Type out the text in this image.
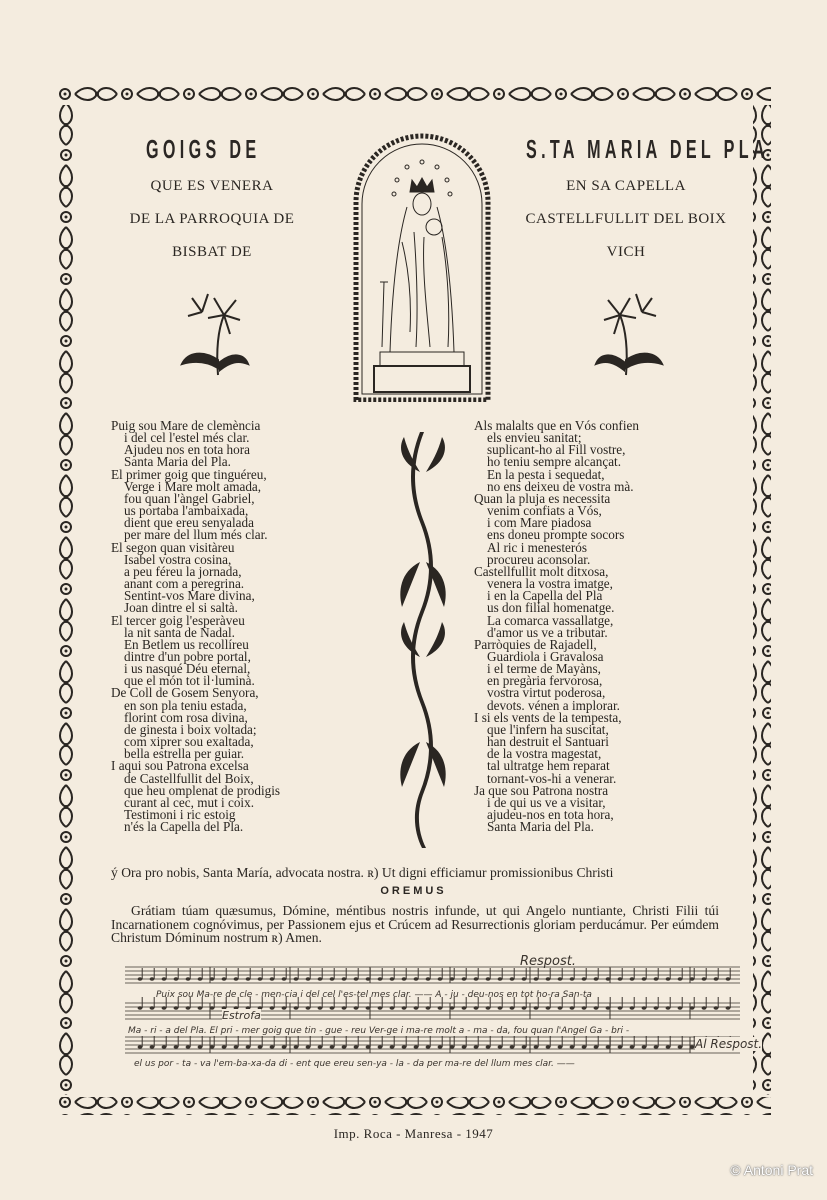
GOIGS DE	S.TA MARIA DEL PLA
QUE ES VENERA
DE LA PARROQUIA DE
BISBAT DE
EN SA CAPELLA
CASTELLFULLIT DEL BOIX
VICH
Puig sou Mare de clemència
i del cel l'estel més clar.
Ajudeu nos en tota hora
Santa Maria del Pla.
El primer goig que tinguéreu,
Verge i Mare molt amada,
fou quan l'àngel Gabriel,
us portaba l'ambaixada,
dient que ereu senyalada
per mare del llum més clar.
El segon quan visitàreu
Isabel vostra cosina,
a peu féreu la jornada,
anant com a peregrina.
Sentint-vos Mare divina,
Joan dintre el si saltà.
El tercer goig l'esperàveu
la nit santa de Nadal.
En Betlem us recollíreu
dintre d'un pobre portal,
i us nasqué Déu eternal,
que el món tot il·luminà.
De Coll de Gosem Senyora,
en son pla teniu estada,
florint com rosa divina,
de ginesta i boix voltada;
com xiprer sou exaltada,
bella estrella per guiar.
I aqui sou Patrona excelsa
de Castellfullit del Boix,
que heu omplenat de prodigis
curant al cec, mut i coix.
Testimoni i ric estoig
n'és la Capella del Pla.
Als malalts que en Vós confien
els envieu sanitat;
suplicant-ho al Fill vostre,
ho teniu sempre alcançat.
En la pesta i sequedat,
no ens deixeu de vostra mà.
Quan la pluja es necessita
venim confiats a Vós,
i com Mare piadosa
ens doneu prompte socors
Al ric i menesterós
procureu aconsolar.
Castellfullit molt ditxosa,
venera la vostra imatge,
i en la Capella del Pla
us don filial homenatge.
La comarca vassallatge,
d'amor us ve a tributar.
Parròquies de Rajadell,
Guardiola i Gravalosa
i el terme de Mayàns,
en pregària fervorosa,
vostra virtut poderosa,
devots. vénen a implorar.
I si els vents de la tempesta,
que l'infern ha suscitat,
han destruit el Santuari
de la vostra magestat,
tal ultratge hem reparat
tornant-vos-hi a venerar.
Ja que sou Patrona nostra
i de qui us ve a visitar,
ajudeu-nos en tota hora,
Santa Maria del Pla.
ý Ora pro nobis, Santa María, advocata nostra. ʀ) Ut digni efficiamur promissionibus Christi
OREMUS
Grátiam túam quæsumus, Dómine, méntibus nostris infunde, ut qui Angelo nuntiante, Christi Filii túi Incarnationem cognóvimus, per Passionem ejus et Crúcem ad Resurrectionis gloriam perducámur. Per eúmdem Christum Dóminum nostrum ʀ) Amen.
Respost.
Estrofa
Al Respost.
Puix sou Ma-re de cle - men-cia i del cel l'es-tel mes clar. —— A - ju - deu-nos en tot ho-ra San-ta
Ma - ri - a del Pla. El pri - mer goig que tin - gue - reu Ver-ge i ma-re molt a - ma - da, fou quan l'Angel Ga - bri -
el us por - ta - va l'em-ba-xa-da di - ent que ereu sen-ya - la - da per ma-re del llum mes clar. ——
Imp. Roca - Manresa - 1947
© Antoni Prat
